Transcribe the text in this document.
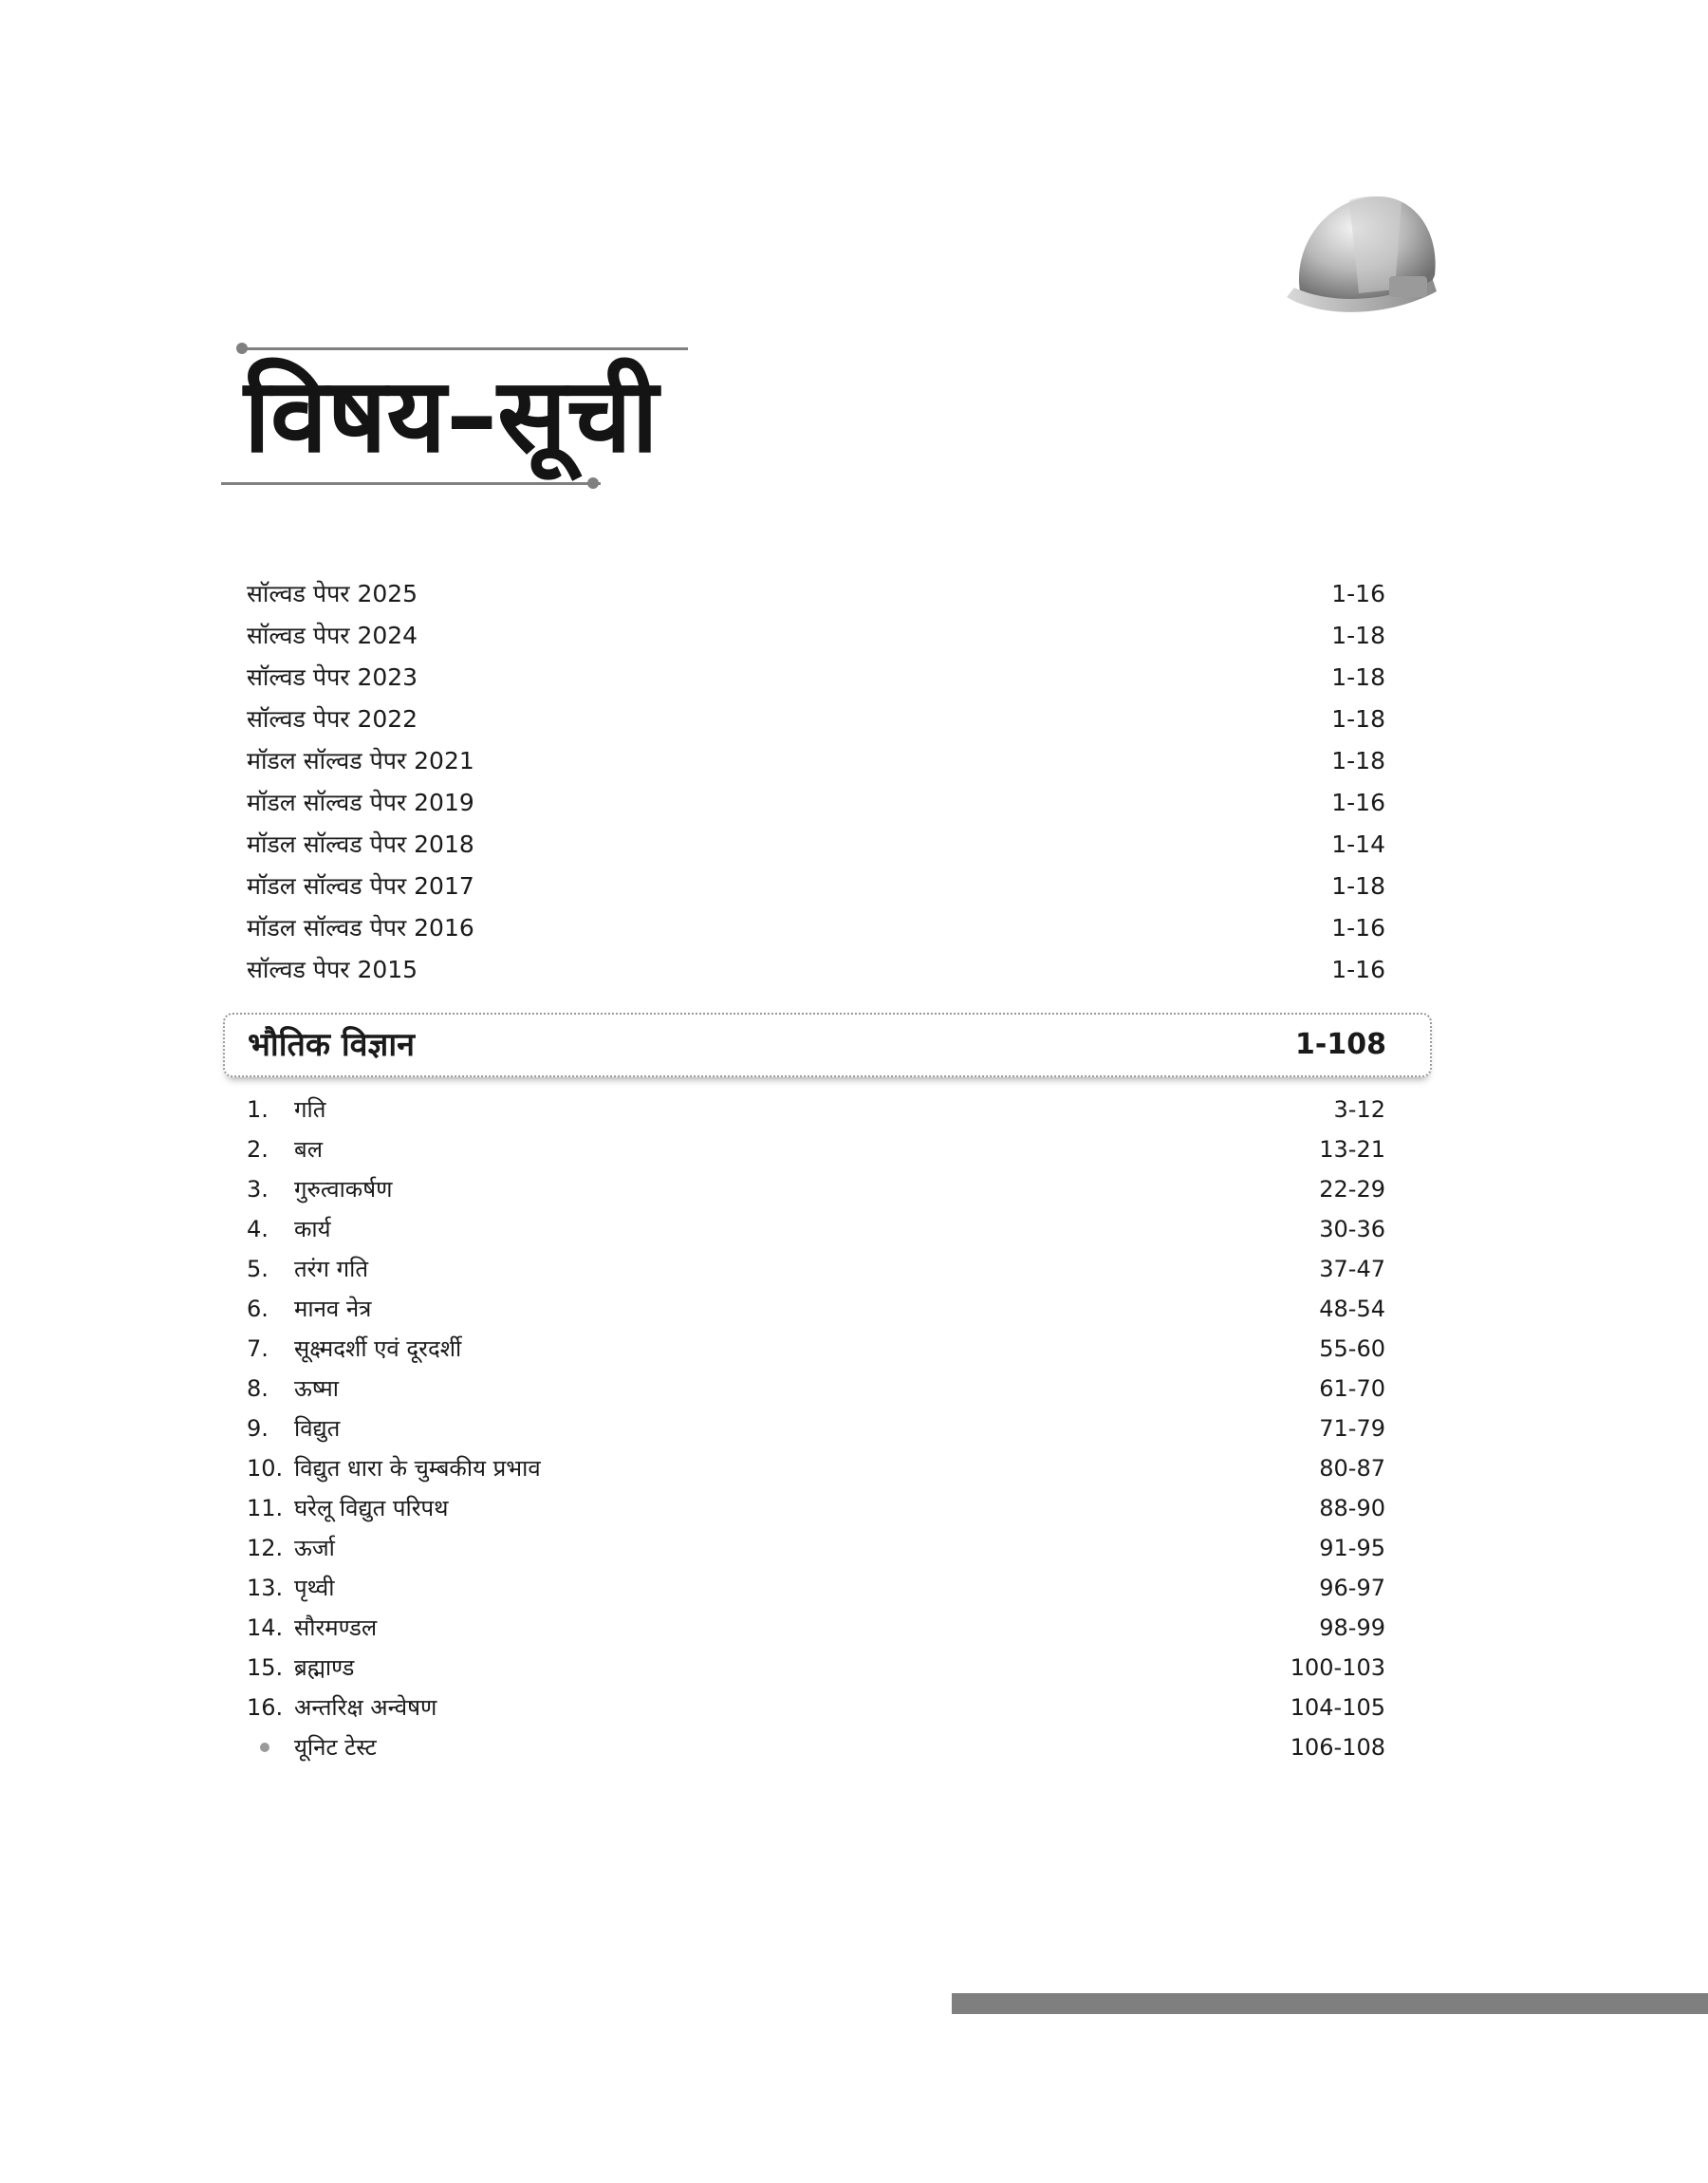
विषय–सूची
सॉल्वड पेपर 2025	1-16
सॉल्वड पेपर 2024	1-18
सॉल्वड पेपर 2023	1-18
सॉल्वड पेपर 2022	1-18
मॉडल सॉल्वड पेपर 2021	1-18
मॉडल सॉल्वड पेपर 2019	1-16
मॉडल सॉल्वड पेपर 2018	1-14
मॉडल सॉल्वड पेपर 2017	1-18
मॉडल सॉल्वड पेपर 2016	1-16
सॉल्वड पेपर 2015	1-16
भौतिक विज्ञान	1-108
1.	गति	3-12
2.	बल	13-21
3.	गुरुत्वाकर्षण	22-29
4.	कार्य	30-36
5.	तरंग गति	37-47
6.	मानव नेत्र	48-54
7.	सूक्ष्मदर्शी एवं दूरदर्शी	55-60
8.	ऊष्मा	61-70
9.	विद्युत	71-79
10. विद्युत धारा के चुम्बकीय प्रभाव	80-87
11. घरेलू विद्युत परिपथ	88-90
12. ऊर्जा	91-95
13. पृथ्वी	96-97
14. सौरमण्डल	98-99
15. ब्रह्माण्ड	100-103
16. अन्तरिक्ष अन्वेषण	104-105
यूनिट टेस्ट	106-108
